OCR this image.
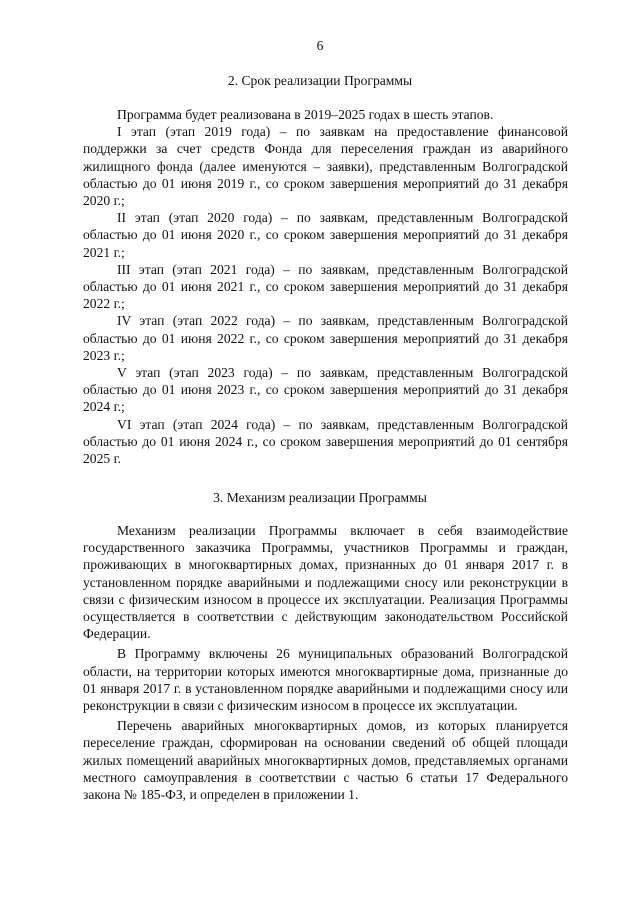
6
2. Срок реализации Программы

Программа будет реализована в 2019–2025 годах в шесть этапов.

I этап (этап 2019 года) – по заявкам на предоставление финансовой поддержки за счет средств Фонда для переселения граждан из аварийного жилищного фонда (далее именуются – заявки), представленным Волгоградской областью до 01 июня 2019 г., со сроком завершения мероприятий до 31 декабря 2020 г.;

II этап (этап 2020 года) – по заявкам, представленным Волгоградской областью до 01 июня 2020 г., со сроком завершения мероприятий до 31 декабря 2021 г.;

III этап (этап 2021 года) – по заявкам, представленным Волгоградской областью до 01 июня 2021 г., со сроком завершения мероприятий до 31 декабря 2022 г.;

IV этап (этап 2022 года) – по заявкам, представленным Волгоградской областью до 01 июня 2022 г., со сроком завершения мероприятий до 31 декабря 2023 г.;

V этап (этап 2023 года) – по заявкам, представленным Волгоградской областью до 01 июня 2023 г., со сроком завершения мероприятий до 31 декабря 2024 г.;

VI этап (этап 2024 года) – по заявкам, представленным Волгоградской областью до 01 июня 2024 г., со сроком завершения мероприятий до 01 сентября 2025 г.

3. Механизм реализации Программы

Механизм реализации Программы включает в себя взаимодействие государственного заказчика Программы, участников Программы и граждан, проживающих в многоквартирных домах, признанных до 01 января 2017 г. в установленном порядке аварийными и подлежащими сносу или реконструкции в связи с физическим износом в процессе их эксплуатации. Реализация Программы осуществляется в соответствии с действующим законодательством Российской Федерации.

В Программу включены 26 муниципальных образований Волгоградской области, на территории которых имеются многоквартирные дома, признанные до 01 января 2017 г. в установленном порядке аварийными и подлежащими сносу или реконструкции в связи с физическим износом в процессе их эксплуатации.

Перечень аварийных многоквартирных домов, из которых планируется переселение граждан, сформирован на основании сведений об общей площади жилых помещений аварийных многоквартирных домов, представляемых органами местного самоуправления в соответствии с частью 6 статьи 17 Федерального закона № 185-ФЗ, и определен в приложении 1.
